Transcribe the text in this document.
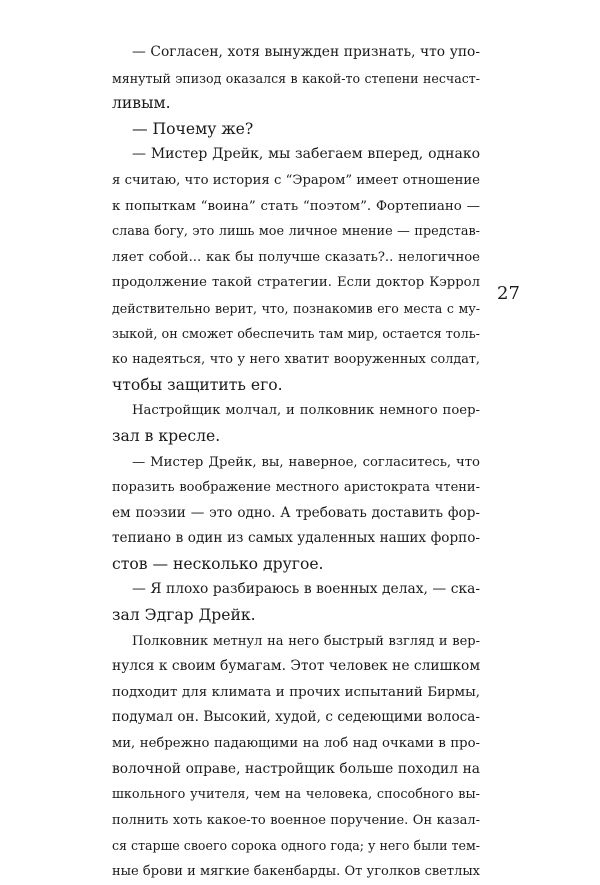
— Согласен, хотя вынужден признать, что упо-
мянутый эпизод оказался в какой-то степени несчаст-
ливым.
— Почему же?
— Мистер Дрейк, мы забегаем вперед, однако
я считаю, что история с “Эраром” имеет отношение
к попыткам “воина” стать “поэтом”. Фортепиано —
слава богу, это лишь мое личное мнение — представ-
ляет собой... как бы получше сказать?.. нелогичное
продолжение такой стратегии. Если доктор Кэррол
действительно верит, что, познакомив его места с му-
зыкой, он сможет обеспечить там мир, остается толь-
ко надеяться, что у него хватит вооруженных солдат,
чтобы защитить его.
Настройщик молчал, и полковник немного поер-
зал в кресле.
— Мистер Дрейк, вы, наверное, согласитесь, что
поразить воображение местного аристократа чтени-
ем поэзии — это одно. А требовать доставить фор-
тепиано в один из самых удаленных наших форпо-
стов — несколько другое.
— Я плохо разбираюсь в военных делах, — ска-
зал Эдгар Дрейк.
Полковник метнул на него быстрый взгляд и вер-
нулся к своим бумагам. Этот человек не слишком
подходит для климата и прочих испытаний Бирмы,
подумал он. Высокий, худой, с седеющими волоса-
ми, небрежно падающими на лоб над очками в про-
волочной оправе, настройщик больше походил на
школьного учителя, чем на человека, способного вы-
полнить хоть какое-то военное поручение. Он казал-
ся старше своего сорока одного года; у него были тем-
ные брови и мягкие бакенбарды. От уголков светлых
27
